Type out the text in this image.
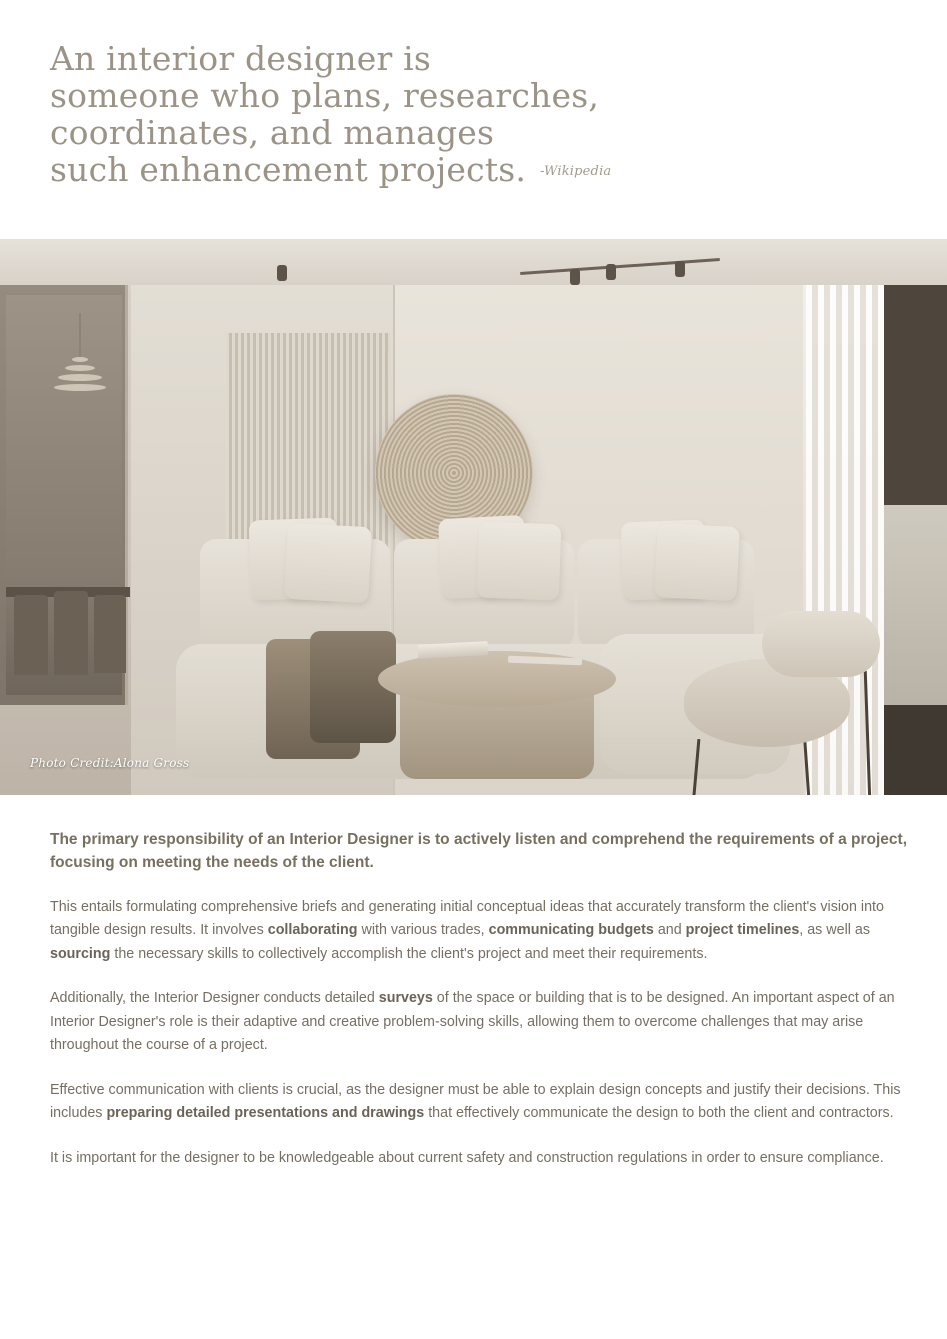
An interior designer is
someone who plans, researches,
coordinates, and manages
such enhancement projects. -Wikipedia
Photo Credit:Alona Gross

The primary responsibility of an Interior Designer is to actively listen and comprehend the requirements of a project, focusing on meeting the needs of the client.

This entails formulating comprehensive briefs and generating initial conceptual ideas that accurately transform the client's vision into tangible design results. It involves collaborating with various trades, communicating budgets and project timelines, as well as sourcing the necessary skills to collectively accomplish the client's project and meet their requirements.

Additionally, the Interior Designer conducts detailed surveys of the space or building that is to be designed. An important aspect of an Interior Designer's role is their adaptive and creative problem-solving skills, allowing them to overcome challenges that may arise throughout the course of a project.

Effective communication with clients is crucial, as the designer must be able to explain design concepts and justify their decisions. This includes preparing detailed presentations and drawings that effectively communicate the design to both the client and contractors.

It is important for the designer to be knowledgeable about current safety and construction regulations in order to ensure compliance.
